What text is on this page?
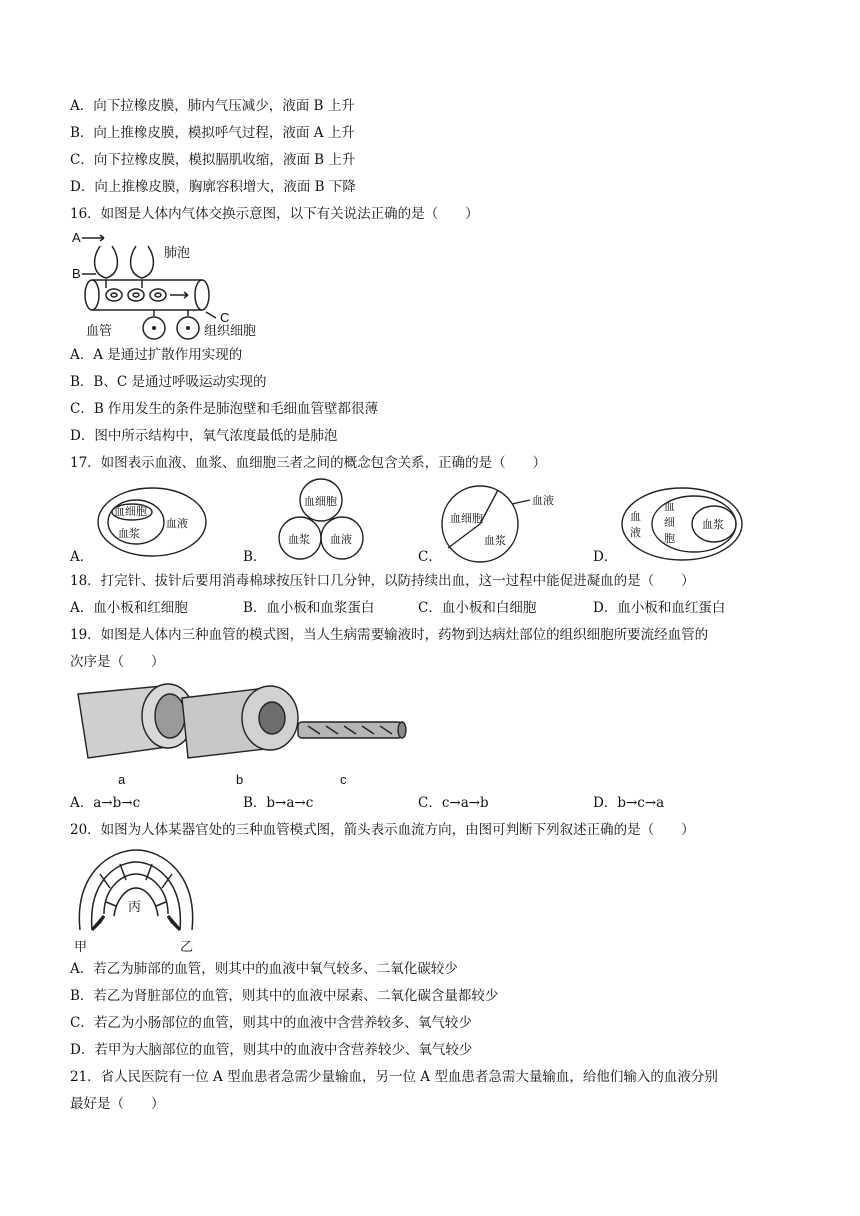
A．向下拉橡皮膜，肺内气压减少，液面 B 上升
B．向上推橡皮膜，模拟呼气过程，液面 A 上升
C．向下拉橡皮膜，模拟膈肌收缩，液面 B 上升
D．向上推橡皮膜，胸廓容积增大，液面 B 下降
16．如图是人体内气体交换示意图，以下有关说法正确的是（　　）
A
B
C
肺泡
血管	组织细胞
A．A 是通过扩散作用实现的
B．B、C 是通过呼吸运动实现的
C．B 作用发生的条件是肺泡壁和毛细血管壁都很薄
D．图中所示结构中，氧气浓度最低的是肺泡
17．如图表示血液、血浆、血细胞三者之间的概念包含关系，正确的是（　　）
A．
血细胞
血浆
血液
B．
血细胞
血浆 血液
C．
血液
血细胞
血浆
D．
血
液
血
细
胞
血浆
18．打完针、拔针后要用消毒棉球按压针口几分钟，以防持续出血，这一过程中能促进凝血的是（　　）
A．血小板和红细胞	B．血小板和血浆蛋白	C．血小板和白细胞	D．血小板和血红蛋白
19．如图是人体内三种血管的模式图，当人生病需要输液时，药物到达病灶部位的组织细胞所要流经血管的
次序是（　　）
a	b	c
A．a→b→c	B．b→a→c	C．c→a→b	D．b→c→a
20．如图为人体某器官处的三种血管模式图，箭头表示血流方向，由图可判断下列叙述正确的是（　　）
甲	乙
丙
A．若乙为肺部的血管，则其中的血液中氧气较多、二氧化碳较少
B．若乙为肾脏部位的血管，则其中的血液中尿素、二氧化碳含量都较少
C．若乙为小肠部位的血管，则其中的血液中含营养较多、氧气较少
D．若甲为大脑部位的血管，则其中的血液中含营养较少、氧气较少
21．省人民医院有一位 A 型血患者急需少量输血，另一位 A 型血患者急需大量输血，给他们输入的血液分别
最好是（　　）
